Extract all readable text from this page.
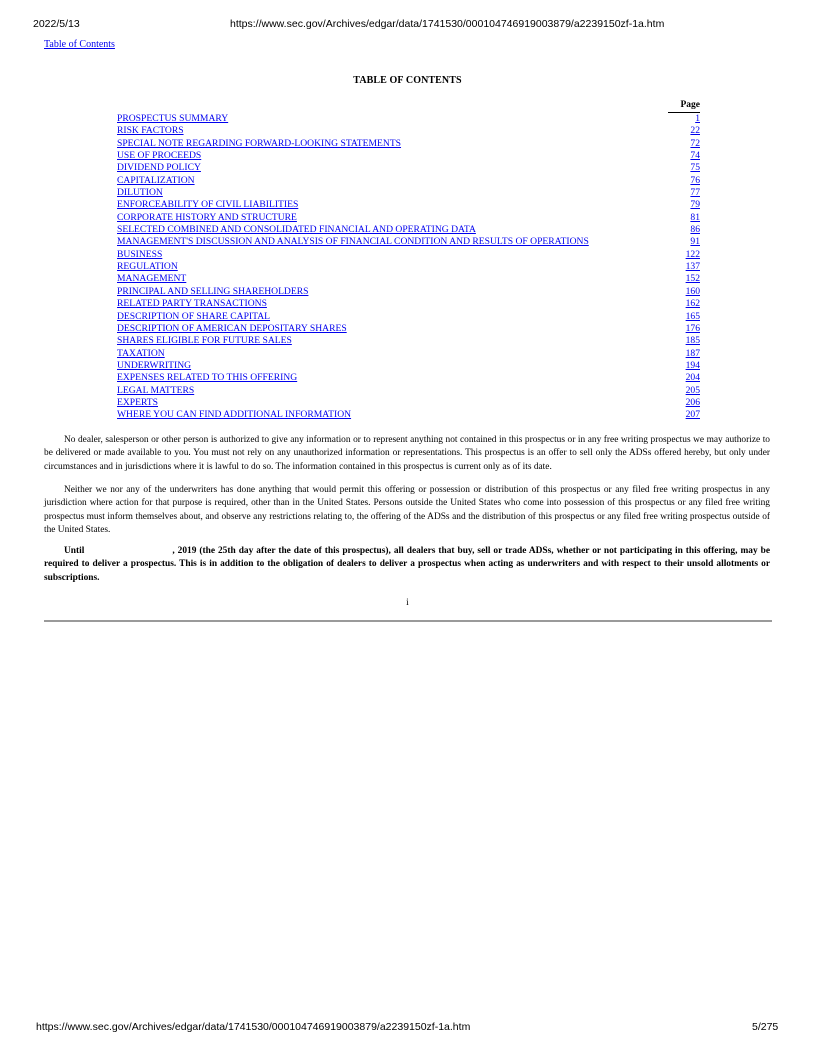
2022/5/13	https://www.sec.gov/Archives/edgar/data/1741530/000104746919003879/a2239150zf-1a.htm
Table of Contents
TABLE OF CONTENTS
Page
PROSPECTUS SUMMARY	1
RISK FACTORS	22
SPECIAL NOTE REGARDING FORWARD-LOOKING STATEMENTS	72
USE OF PROCEEDS	74
DIVIDEND POLICY	75
CAPITALIZATION	76
DILUTION	77
ENFORCEABILITY OF CIVIL LIABILITIES	79
CORPORATE HISTORY AND STRUCTURE	81
SELECTED COMBINED AND CONSOLIDATED FINANCIAL AND OPERATING DATA	86
MANAGEMENT'S DISCUSSION AND ANALYSIS OF FINANCIAL CONDITION AND RESULTS OF OPERATIONS	91
BUSINESS	122
REGULATION	137
MANAGEMENT	152
PRINCIPAL AND SELLING SHAREHOLDERS	160
RELATED PARTY TRANSACTIONS	162
DESCRIPTION OF SHARE CAPITAL	165
DESCRIPTION OF AMERICAN DEPOSITARY SHARES	176
SHARES ELIGIBLE FOR FUTURE SALES	185
TAXATION	187
UNDERWRITING	194
EXPENSES RELATED TO THIS OFFERING	204
LEGAL MATTERS	205
EXPERTS	206
WHERE YOU CAN FIND ADDITIONAL INFORMATION	207

No dealer, salesperson or other person is authorized to give any information or to represent anything not contained in this prospectus or in any free writing prospectus we may authorize to be delivered or made available to you. You must not rely on any unauthorized information or representations. This prospectus is an offer to sell only the ADSs offered hereby, but only under circumstances and in jurisdictions where it is lawful to do so. The information contained in this prospectus is current only as of its date.

Neither we nor any of the underwriters has done anything that would permit this offering or possession or distribution of this prospectus or any filed free writing prospectus in any jurisdiction where action for that purpose is required, other than in the United States. Persons outside the United States who come into possession of this prospectus or any filed free writing prospectus must inform themselves about, and observe any restrictions relating to, the offering of the ADSs and the distribution of this prospectus or any filed free writing prospectus outside of the United States.

Until	, 2019 (the 25th day after the date of this prospectus), all dealers that buy, sell or trade ADSs, whether or not participating in this offering, may be required to deliver a prospectus. This is in addition to the obligation of dealers to deliver a prospectus when acting as underwriters and with respect to their unsold allotments or subscriptions.

i
https://www.sec.gov/Archives/edgar/data/1741530/000104746919003879/a2239150zf-1a.htm	5/275
